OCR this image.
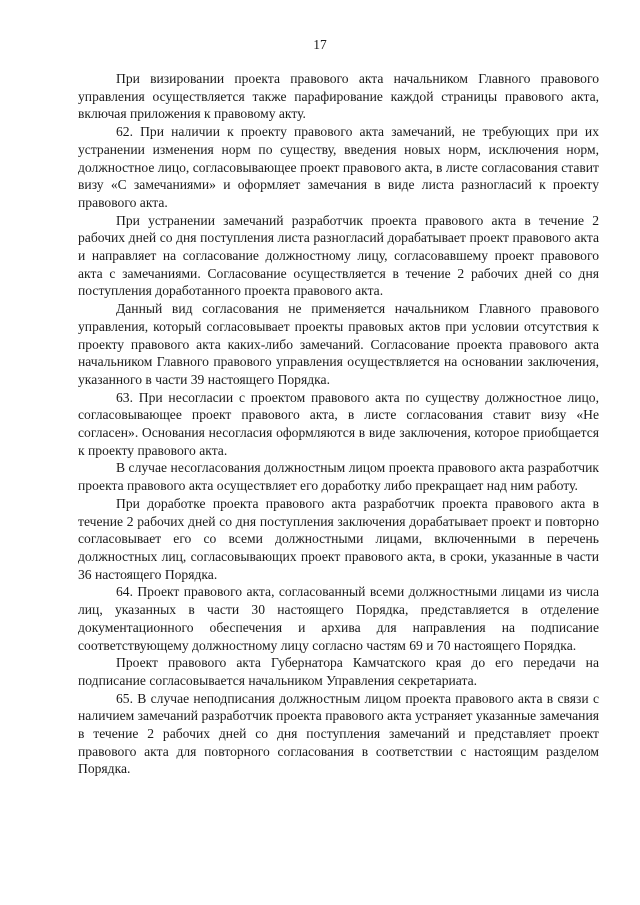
17

При визировании проекта правового акта начальником Главного правового управления осуществляется также парафирование каждой страницы правового акта, включая приложения к правовому акту.

62. При наличии к проекту правового акта замечаний, не требующих при их устранении изменения норм по существу, введения новых норм, исключения норм, должностное лицо, согласовывающее проект правового акта, в листе согласования ставит визу «С замечаниями» и оформляет замечания в виде листа разногласий к проекту правового акта.

При устранении замечаний разработчик проекта правового акта в течение 2 рабочих дней со дня поступления листа разногласий дорабатывает проект правового акта и направляет на согласование должностному лицу, согласовавшему проект правового акта с замечаниями. Согласование осуществляется в течение 2 рабочих дней со дня поступления доработанного проекта правового акта.

Данный вид согласования не применяется начальником Главного правового управления, который согласовывает проекты правовых актов при условии отсутствия к проекту правового акта каких-либо замечаний. Согласование проекта правового акта начальником Главного правового управления осуществляется на основании заключения, указанного в части 39 настоящего Порядка.

63. При несогласии с проектом правового акта по существу должностное лицо, согласовывающее проект правового акта, в листе согласования ставит визу «Не согласен». Основания несогласия оформляются в виде заключения, которое приобщается к проекту правового акта.

В случае несогласования должностным лицом проекта правового акта разработчик проекта правового акта осуществляет его доработку либо прекращает над ним работу.

При доработке проекта правового акта разработчик проекта правового акта в течение 2 рабочих дней со дня поступления заключения дорабатывает проект и повторно согласовывает его со всеми должностными лицами, включенными в перечень должностных лиц, согласовывающих проект правового акта, в сроки, указанные в части 36 настоящего Порядка.

64. Проект правового акта, согласованный всеми должностными лицами из числа лиц, указанных в части 30 настоящего Порядка, представляется в отделение документационного обеспечения и архива для направления на подписание соответствующему должностному лицу согласно частям 69 и 70 настоящего Порядка.

Проект правового акта Губернатора Камчатского края до его передачи на подписание согласовывается начальником Управления секретариата.

65. В случае неподписания должностным лицом проекта правового акта в связи с наличием замечаний разработчик проекта правового акта устраняет указанные замечания в течение 2 рабочих дней со дня поступления замечаний и представляет проект правового акта для повторного согласования в соответствии с настоящим разделом Порядка.
